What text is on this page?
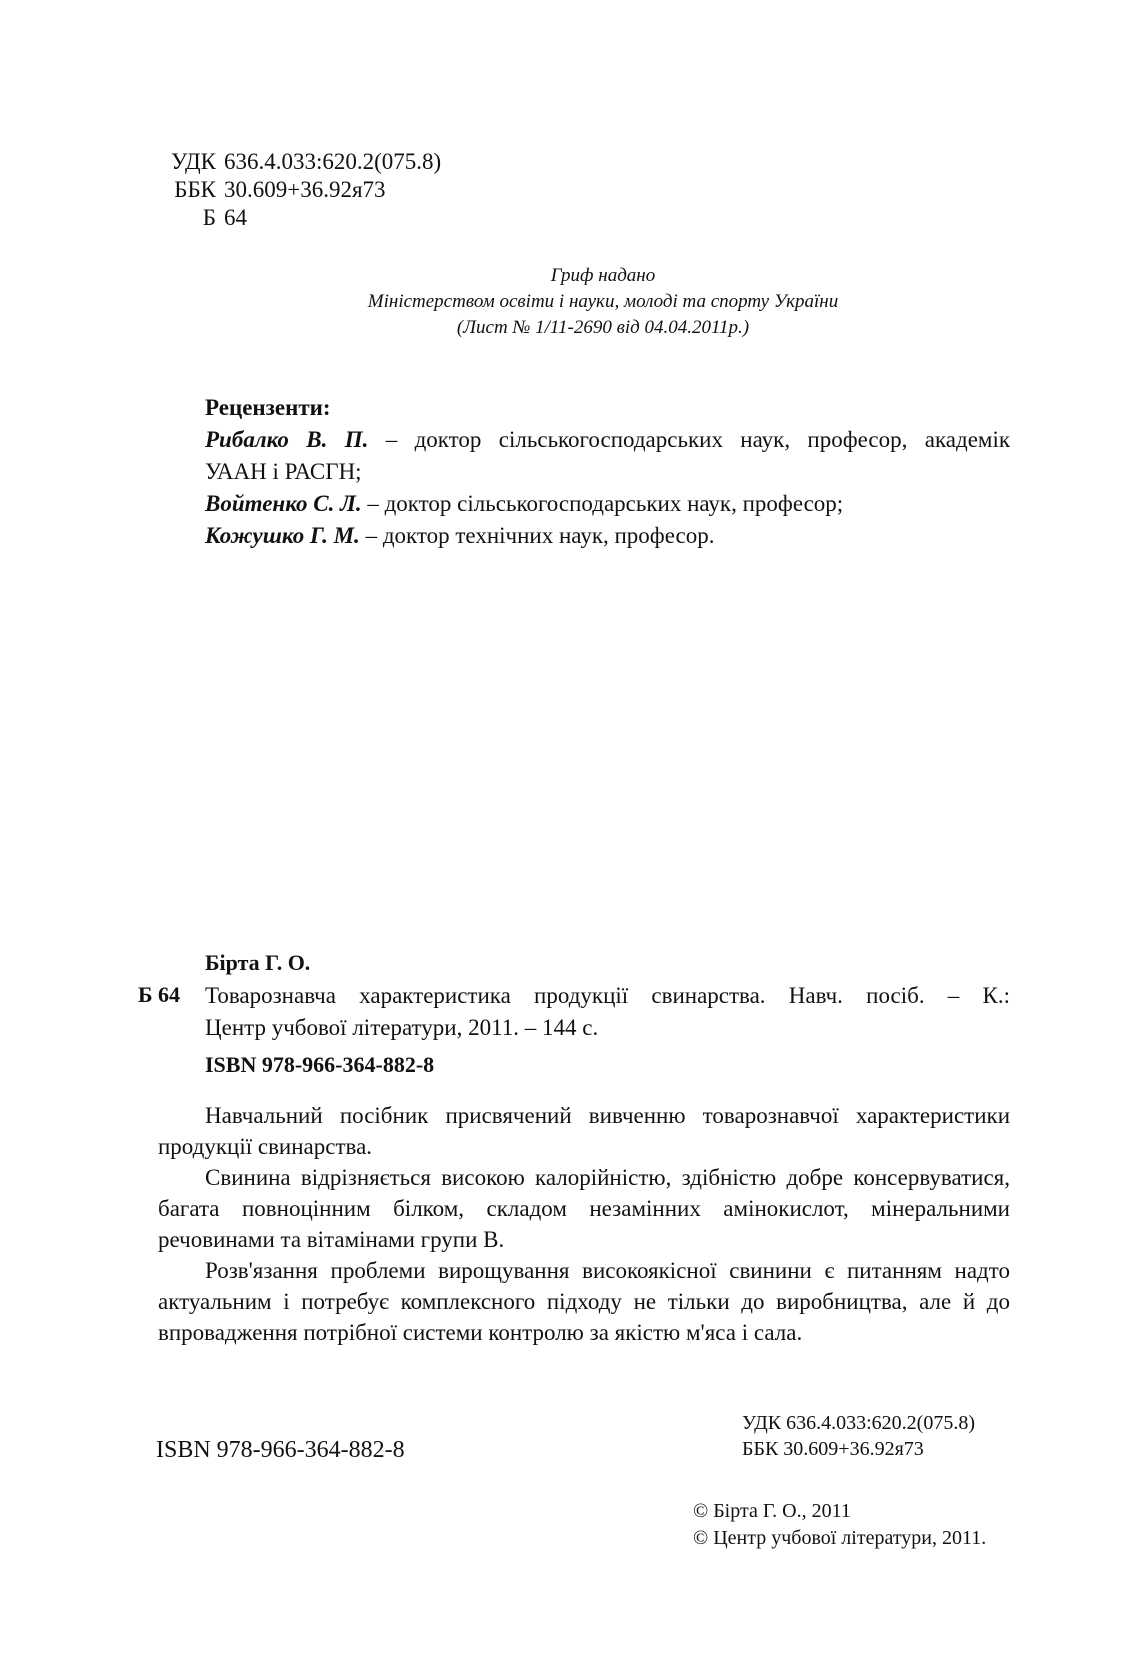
УДК 636.4.033:620.2(075.8)
ББК 30.609+36.92я73
Б 64
Гриф надано
Міністерством освіти і науки, молоді та спорту України
(Лист № 1/11-2690 від 04.04.2011р.)
Рецензенти:
Рибалко В. П. – доктор сільськогосподарських наук, професор, академік
УААН і РАСГН;
Войтенко С. Л. – доктор сільськогосподарських наук, професор;
Кожушко Г. М. – доктор технічних наук, професор.
Бірта Г. О.
Б 64 Товарознавча характеристика продукції свинарства. Навч. посіб. – К.:
Центр учбової літератури, 2011. – 144 с.
ISBN 978-966-364-882-8

Навчальний посібник присвячений вивченню товарознавчої характеристики продукції свинарства.

Свинина відрізняється високою калорійністю, здібністю добре консервуватися, багата повноцінним білком, складом незамінних амінокислот, мінеральними речовинами та вітамінами групи В.

Розв'язання проблеми вирощування високоякісної свинини є питанням надто актуальним і потребує комплексного підходу не тільки до виробництва, але й до впровадження потрібної системи контролю за якістю м'яса і сала.

УДК 636.4.033:620.2(075.8)
ББК 30.609+36.92я73
ISBN 978-966-364-882-8
© Бірта Г. О., 2011
© Центр учбової літератури, 2011.
